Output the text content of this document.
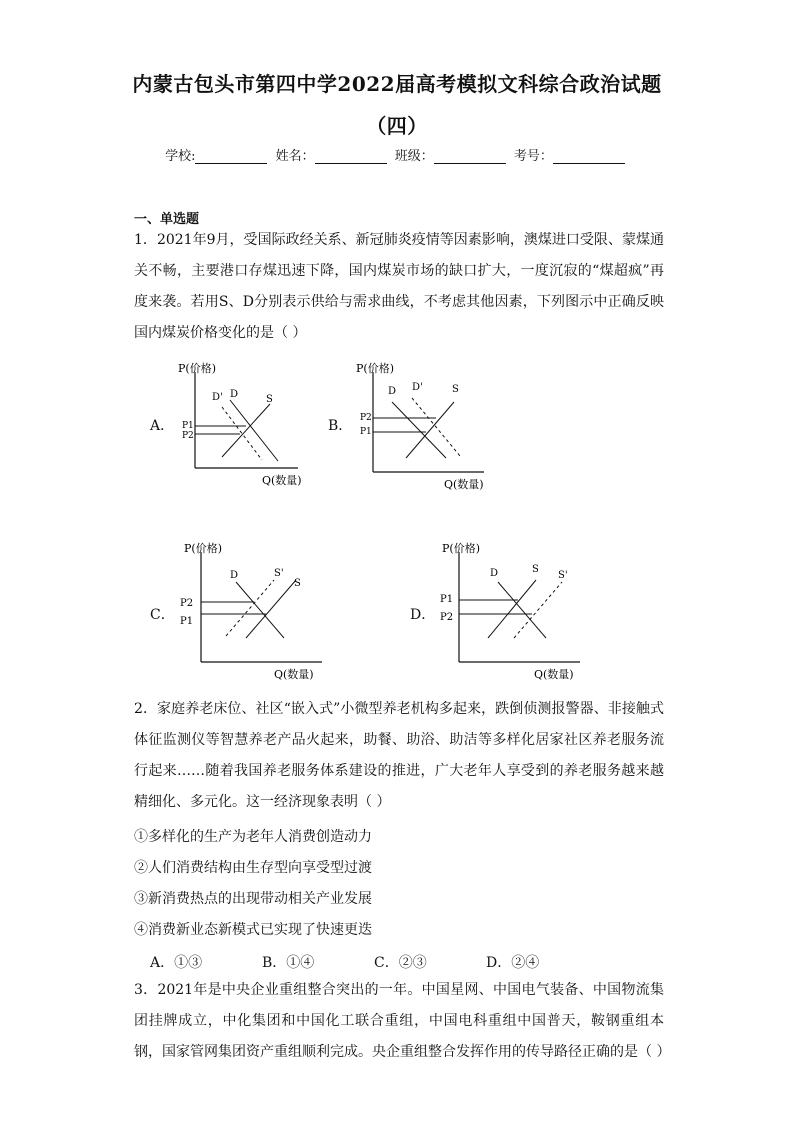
内蒙古包头市第四中学2022届高考模拟文科综合政治试题
（四）
学校:	姓名：	班级：	考号：
一、单选题
1．2021年9月，受国际政经关系、新冠肺炎疫情等因素影响，澳煤进口受限、蒙煤通关不畅，主要港口存煤迅速下降，国内煤炭市场的缺口扩大，一度沉寂的“煤超疯”再度来袭。若用S、D分别表示供给与需求曲线，不考虑其他因素，下列图示中正确反映国内煤炭价格变化的是（ ）
A．
P(价格)
Q(数量)
D' D	S
P1
P2
B．
P(价格)
Q(数量)
D D'	S
P2
P1
C．
P(价格)
Q(数量)
D	S'
S
P2
P1	D．
P(价格)
Q(数量)
D	S
S'
P1
P2
2．家庭养老床位、社区“嵌入式”小微型养老机构多起来，跌倒侦测报警器、非接触式体征监测仪等智慧养老产品火起来，助餐、助浴、助洁等多样化居家社区养老服务流行起来……随着我国养老服务体系建设的推进，广大老年人享受到的养老服务越来越精细化、多元化。这一经济现象表明（ ）
①多样化的生产为老年人消费创造动力
②人们消费结构由生存型向享受型过渡
③新消费热点的出现带动相关产业发展
④消费新业态新模式已实现了快速更迭
A．①③	B．①④	C．②③	D．②④
3．2021年是中央企业重组整合突出的一年。中国星网、中国电气装备、中国物流集团挂牌成立，中化集团和中国化工联合重组，中国电科重组中国普天，鞍钢重组本钢，国家管网集团资产重组顺利完成。央企重组整合发挥作用的传导路径正确的是（ ）
